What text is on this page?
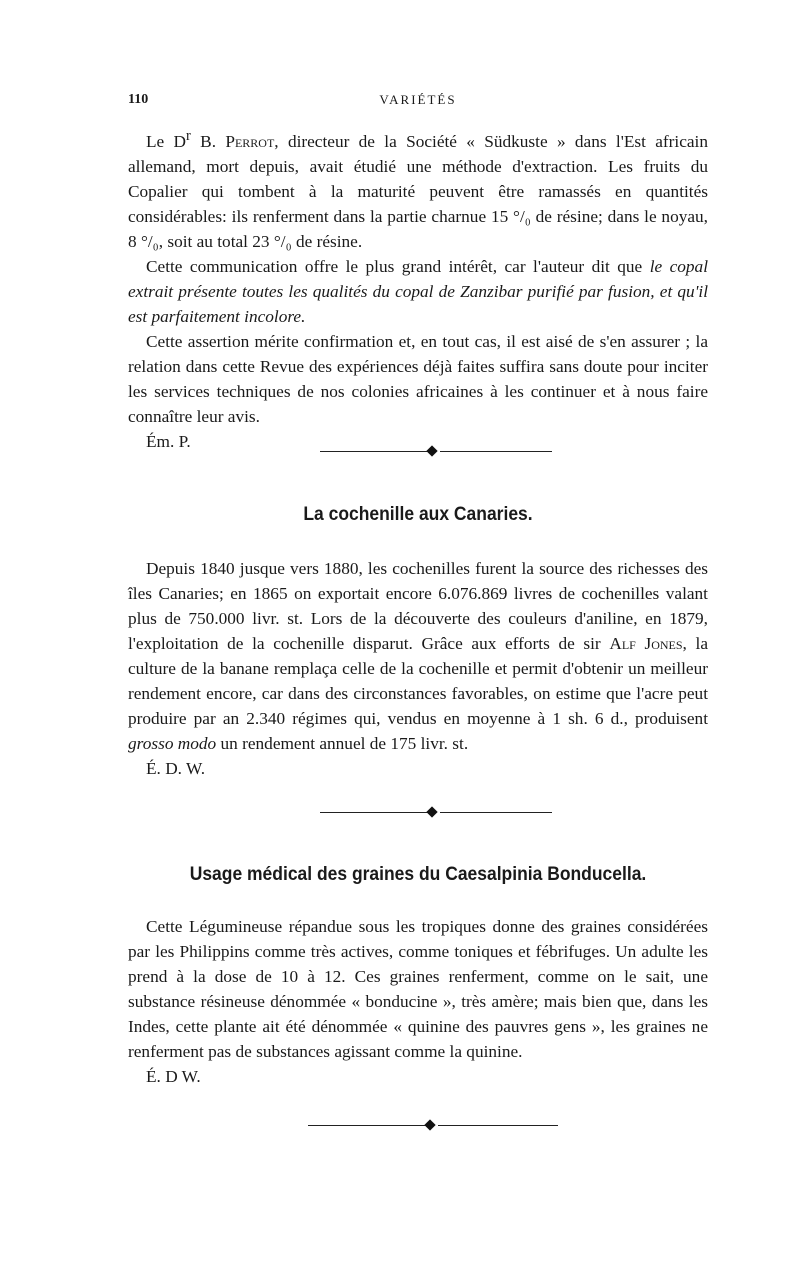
110	VARIÉTÉS

Le $D^r$ B. Perrot, directeur de la Société « Südkuste » dans l'Est africain allemand, mort depuis, avait étudié une méthode d'extraction. Les fruits du Copalier qui tombent à la maturité peuvent être ramassés en quantités considérables: ils renferment dans la partie charnue 15 °/₀ de résine; dans le noyau, 8 °/₀, soit au total 23 °/₀ de résine.

Cette communication offre le plus grand intérêt, car l'auteur dit que le copal extrait présente toutes les qualités du copal de Zanzibar purifié par fusion, et qu'il est parfaitement incolore.

Cette assertion mérite confirmation et, en tout cas, il est aisé de s'en assurer ; la relation dans cette Revue des expériences déjà faites suffira sans doute pour inciter les services techniques de nos colonies africaines à les continuer et à nous faire connaître leur avis.

Ém. P.

La cochenille aux Canaries.

Depuis 1840 jusque vers 1880, les cochenilles furent la source des richesses des îles Canaries; en 1865 on exportait encore 6.076.869 livres de cochenilles valant plus de 750.000 livr. st. Lors de la découverte des couleurs d'aniline, en 1879, l'exploitation de la cochenille disparut. Grâce aux efforts de sir Alf Jones, la culture de la banane remplaça celle de la cochenille et permit d'obtenir un meilleur rendement encore, car dans des circonstances favorables, on estime que l'acre peut produire par an 2.340 régimes qui, vendus en moyenne à 1 sh. 6 d., produisent grosso modo un rendement annuel de 175 livr. st.

É. D. W.

Usage médical des graines du Caesalpinia Bonducella.

Cette Légumineuse répandue sous les tropiques donne des graines considérées par les Philippins comme très actives, comme toniques et fébrifuges. Un adulte les prend à la dose de 10 à 12. Ces graines renferment, comme on le sait, une substance résineuse dénommée « bonducine », très amère; mais bien que, dans les Indes, cette plante ait été dénommée « quinine des pauvres gens », les graines ne renferment pas de substances agissant comme la quinine.

É. D W.
